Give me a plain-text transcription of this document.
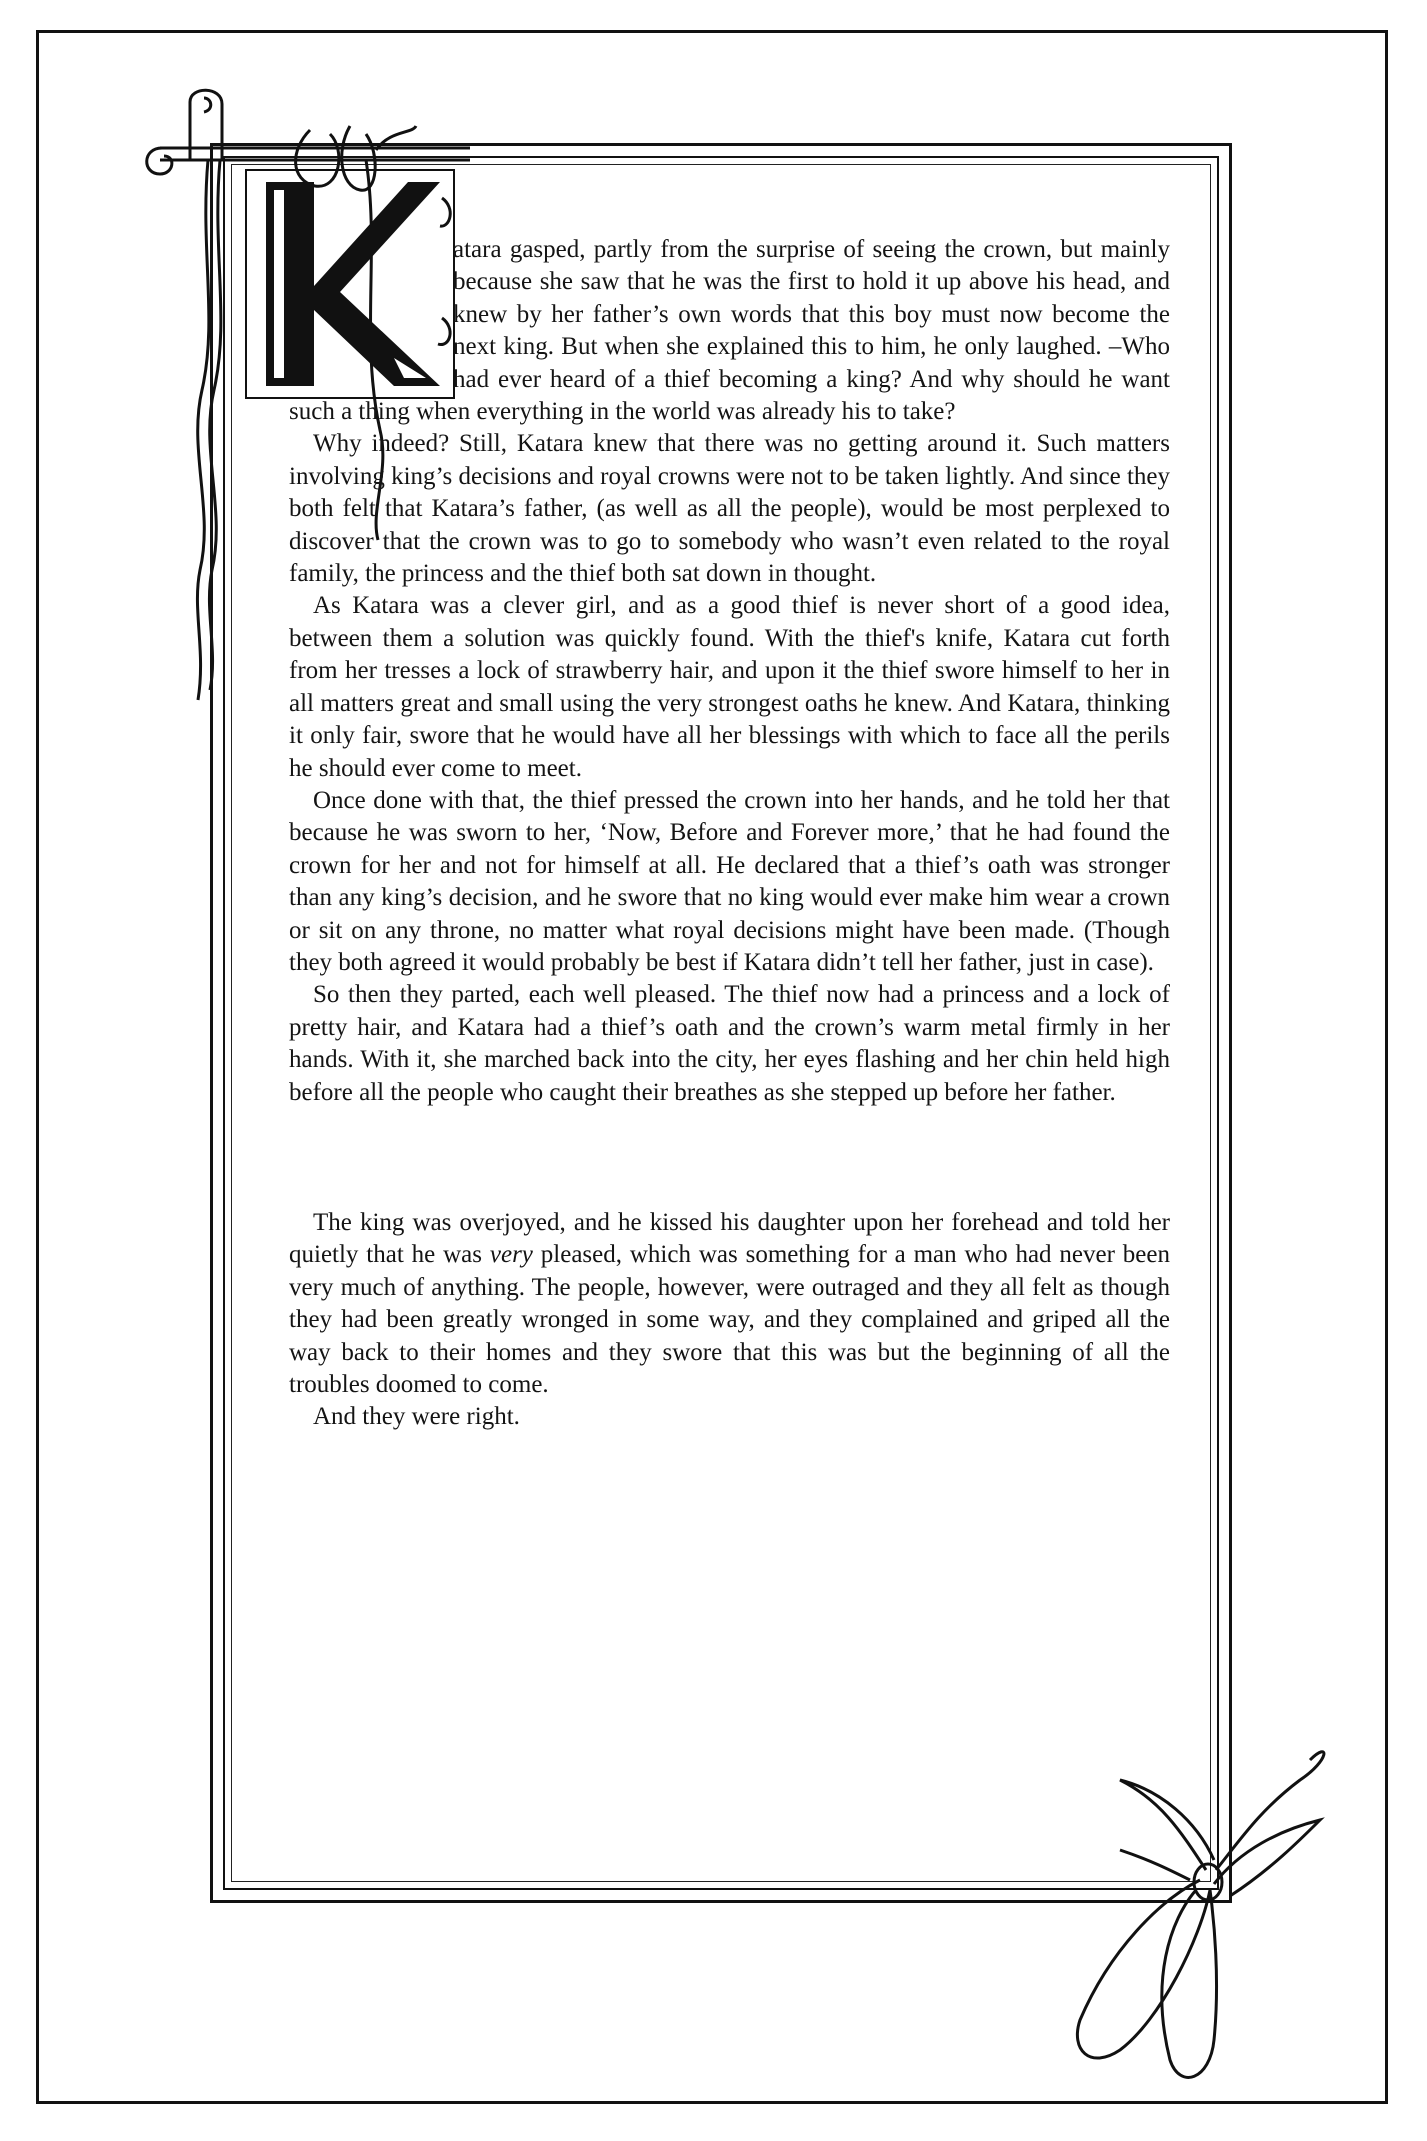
atara gasped, partly from the surprise of seeing the crown, but mainly because she saw that he was the first to hold it up above his head, and knew by her father’s own words that this boy must now become the next king. But when she explained this to him, he only laughed. –Who had ever heard of a thief becoming a king? And why should he want such a thing when everything in the world was already his to take?

Why indeed? Still, Katara knew that there was no getting around it. Such matters involving king’s decisions and royal crowns were not to be taken lightly. And since they both felt that Katara’s father, (as well as all the people), would be most perplexed to discover that the crown was to go to somebody who wasn’t even related to the royal family, the princess and the thief both sat down in thought.

As Katara was a clever girl, and as a good thief is never short of a good idea, between them a solution was quickly found. With the thief's knife, Katara cut forth from her tresses a lock of strawberry hair, and upon it the thief swore himself to her in all matters great and small using the very strongest oaths he knew. And Katara, thinking it only fair, swore that he would have all her blessings with which to face all the perils he should ever come to meet.

Once done with that, the thief pressed the crown into her hands, and he told her that because he was sworn to her, ‘Now, Before and Forever more,’ that he had found the crown for her and not for himself at all. He declared that a thief’s oath was stronger than any king’s decision, and he swore that no king would ever make him wear a crown or sit on any throne, no matter what royal decisions might have been made. (Though they both agreed it would probably be best if Katara didn’t tell her father, just in case).

So then they parted, each well pleased. The thief now had a princess and a lock of pretty hair, and Katara had a thief’s oath and the crown’s warm metal firmly in her hands. With it, she marched back into the city, her eyes flashing and her chin held high before all the people who caught their breathes as she stepped up before her father.

The king was overjoyed, and he kissed his daughter upon her forehead and told her quietly that he was very pleased, which was something for a man who had never been very much of anything. The people, however, were outraged and they all felt as though they had been greatly wronged in some way, and they complained and griped all the way back to their homes and they swore that this was but the beginning of all the troubles doomed to come.

And they were right.
